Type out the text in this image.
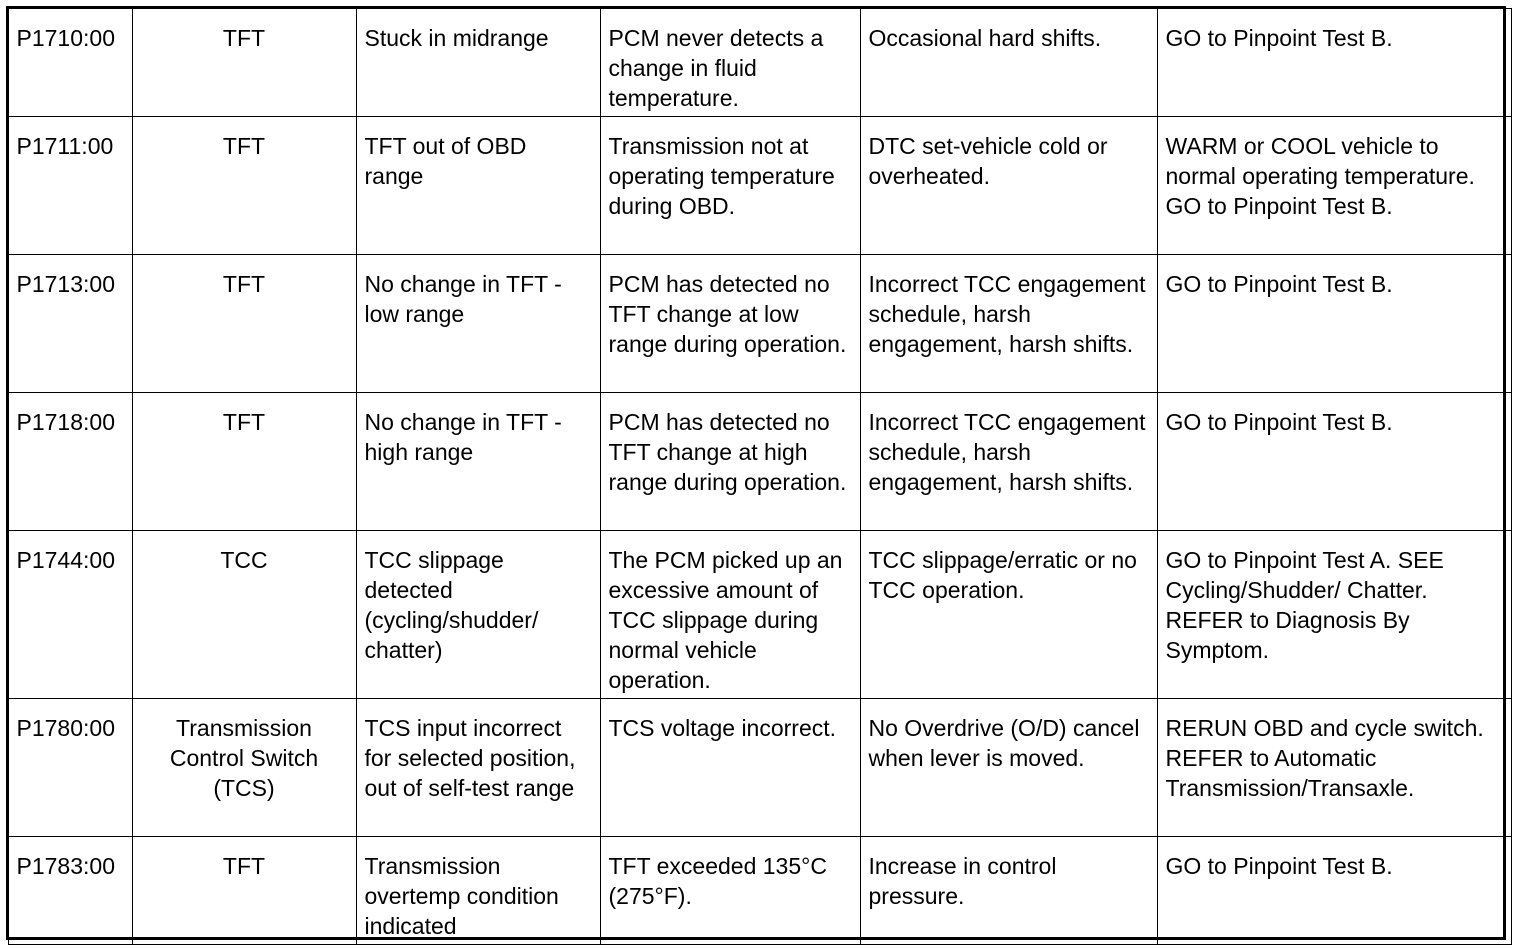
P1710:00	TFT	Stuck in midrange	PCM never detects a change in fluid temperature.	Occasional hard shifts.	GO to Pinpoint Test B.
P1711:00	TFT	TFT out of OBD range	Transmission not at operating temperature during OBD.	DTC set-vehicle cold or overheated.	WARM or COOL vehicle to normal operating temperature. GO to Pinpoint Test B.
P1713:00	TFT	No change in TFT - low range	PCM has detected no TFT change at low range during operation.	Incorrect TCC engagement schedule, harsh engagement, harsh shifts.	GO to Pinpoint Test B.
P1718:00	TFT	No change in TFT - high range	PCM has detected no TFT change at high range during operation.	Incorrect TCC engagement schedule, harsh engagement, harsh shifts.	GO to Pinpoint Test B.
P1744:00	TCC	TCC slippage detected (cycling/shudder/ chatter)	The PCM picked up an excessive amount of TCC slippage during normal vehicle operation.	TCC slippage/erratic or no TCC operation.	GO to Pinpoint Test A. SEE Cycling/Shudder/ Chatter. REFER to Diagnosis By Symptom.
P1780:00	Transmission Control Switch (TCS)	TCS input incorrect for selected position, out of self-test range	TCS voltage incorrect.	No Overdrive (O/D) cancel when lever is moved.	RERUN OBD and cycle switch. REFER to Automatic Transmission/Transaxle.
P1783:00	TFT	Transmission overtemp condition indicated	TFT exceeded 135°C (275°F).	Increase in control pressure.	GO to Pinpoint Test B.
